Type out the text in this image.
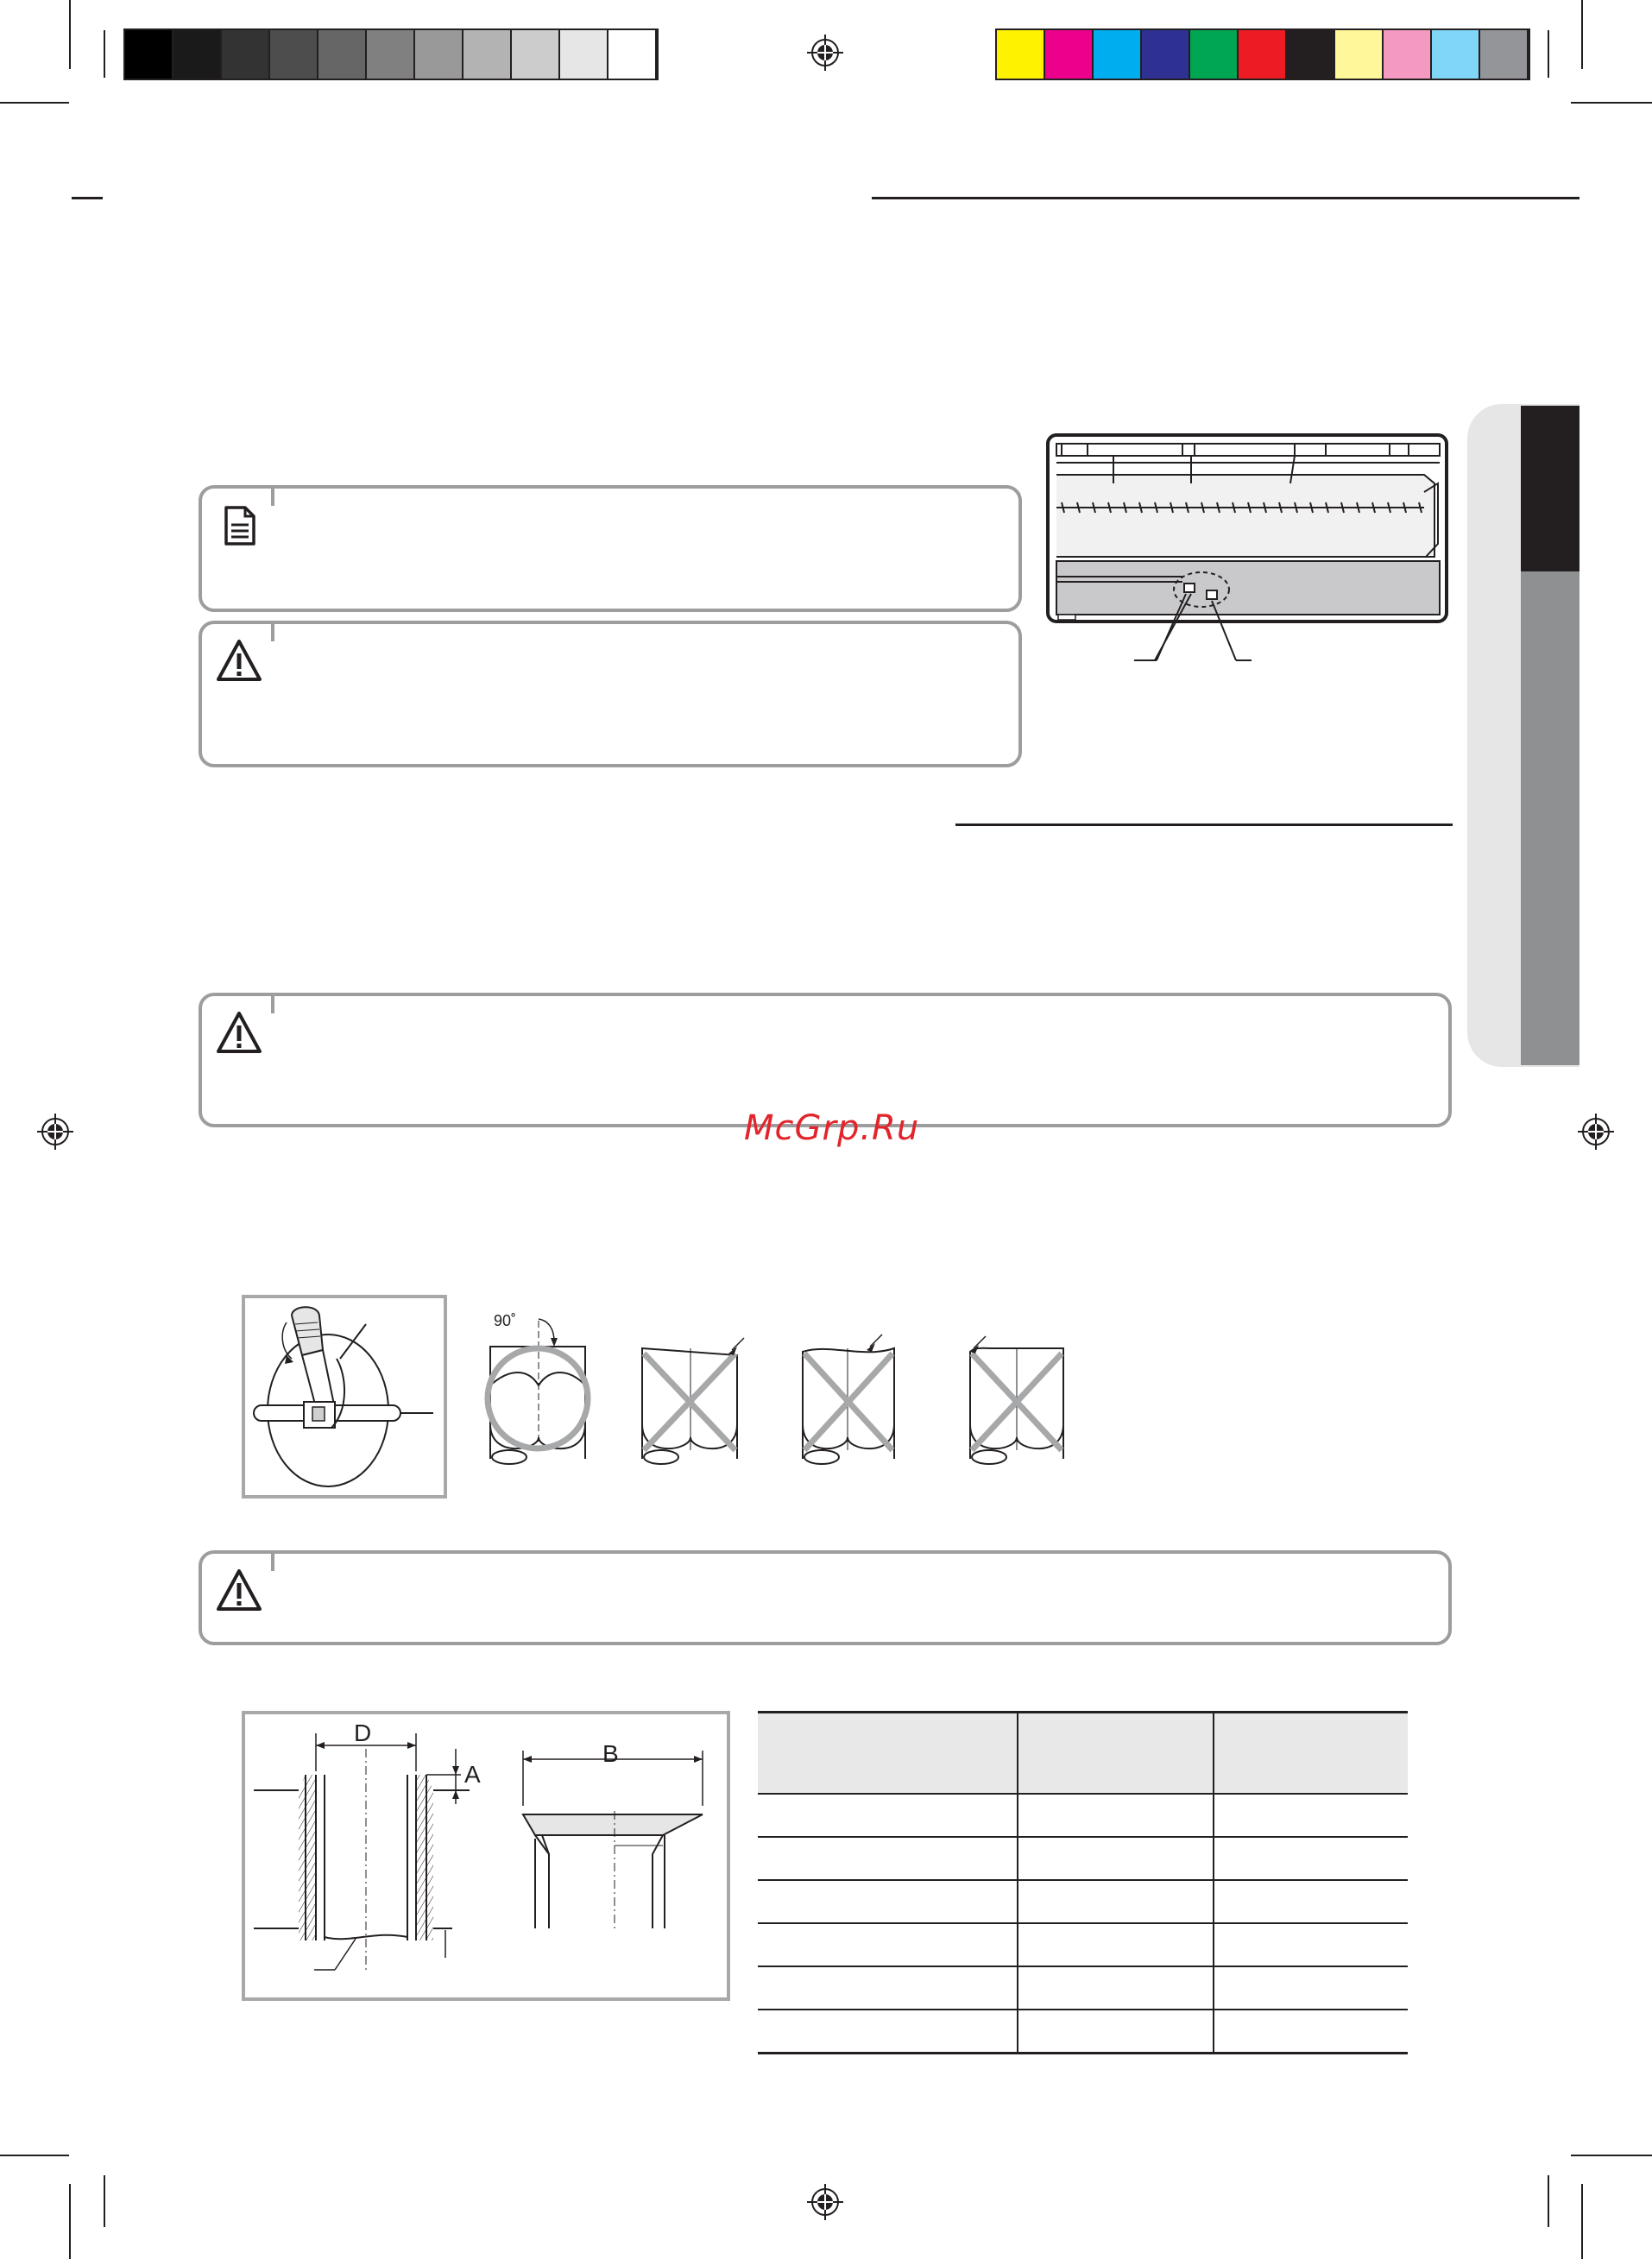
McGrp.Ru
90˚
D
A
B
